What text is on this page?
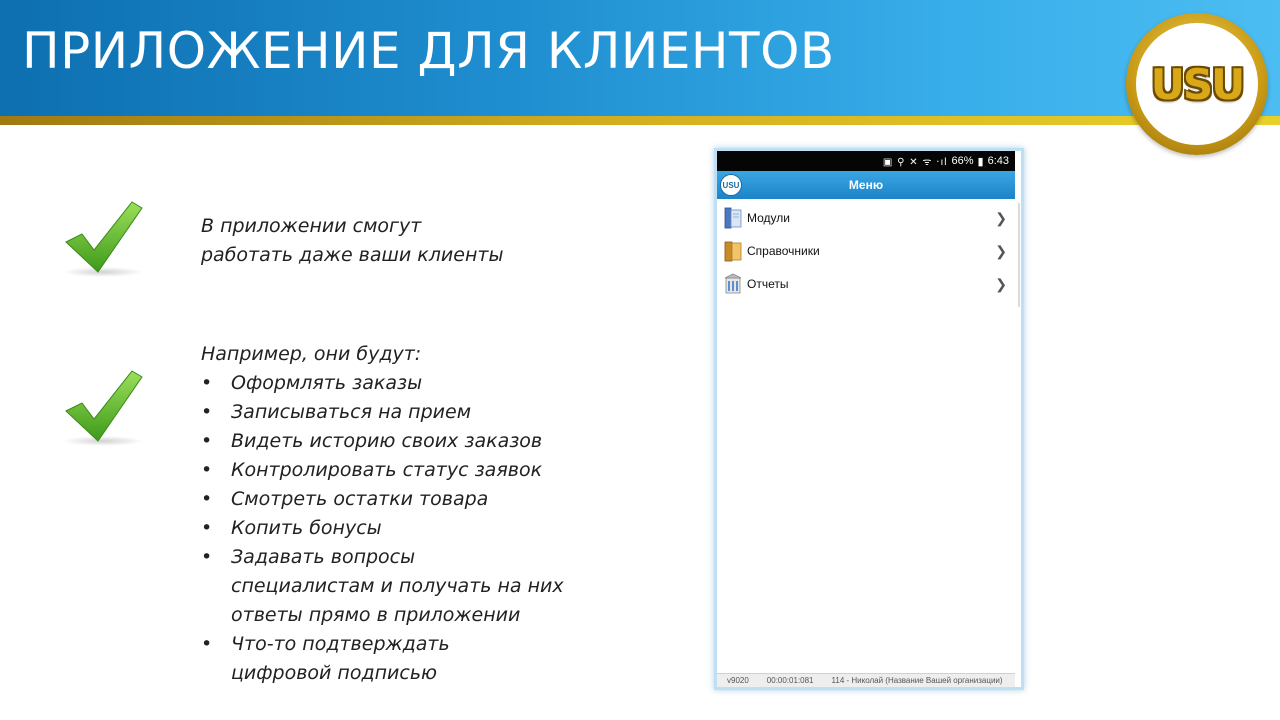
ПРИЛОЖЕНИЕ ДЛЯ КЛИЕНТОВ
USU
В приложении смогут
работать даже ваши клиенты
Например, они будут:
• Оформлять заказы
• Записываться на прием
• Видеть историю своих заказов
• Контролировать статус заявок
• Смотреть остатки товара
• Копить бонусы
• Задавать вопросы
специалистам и получать на них
ответы прямо в приложении
• Что-то подтверждать
цифровой подписью
▣ ⚲ ✕ ᯤ ‧ıl 66% ▮ 6:43
USU	Меню
Модули	❯
Справочники	❯
Отчеты	❯
v9020 00:00:01:081 114 - Николай (Название Вашей организации)
